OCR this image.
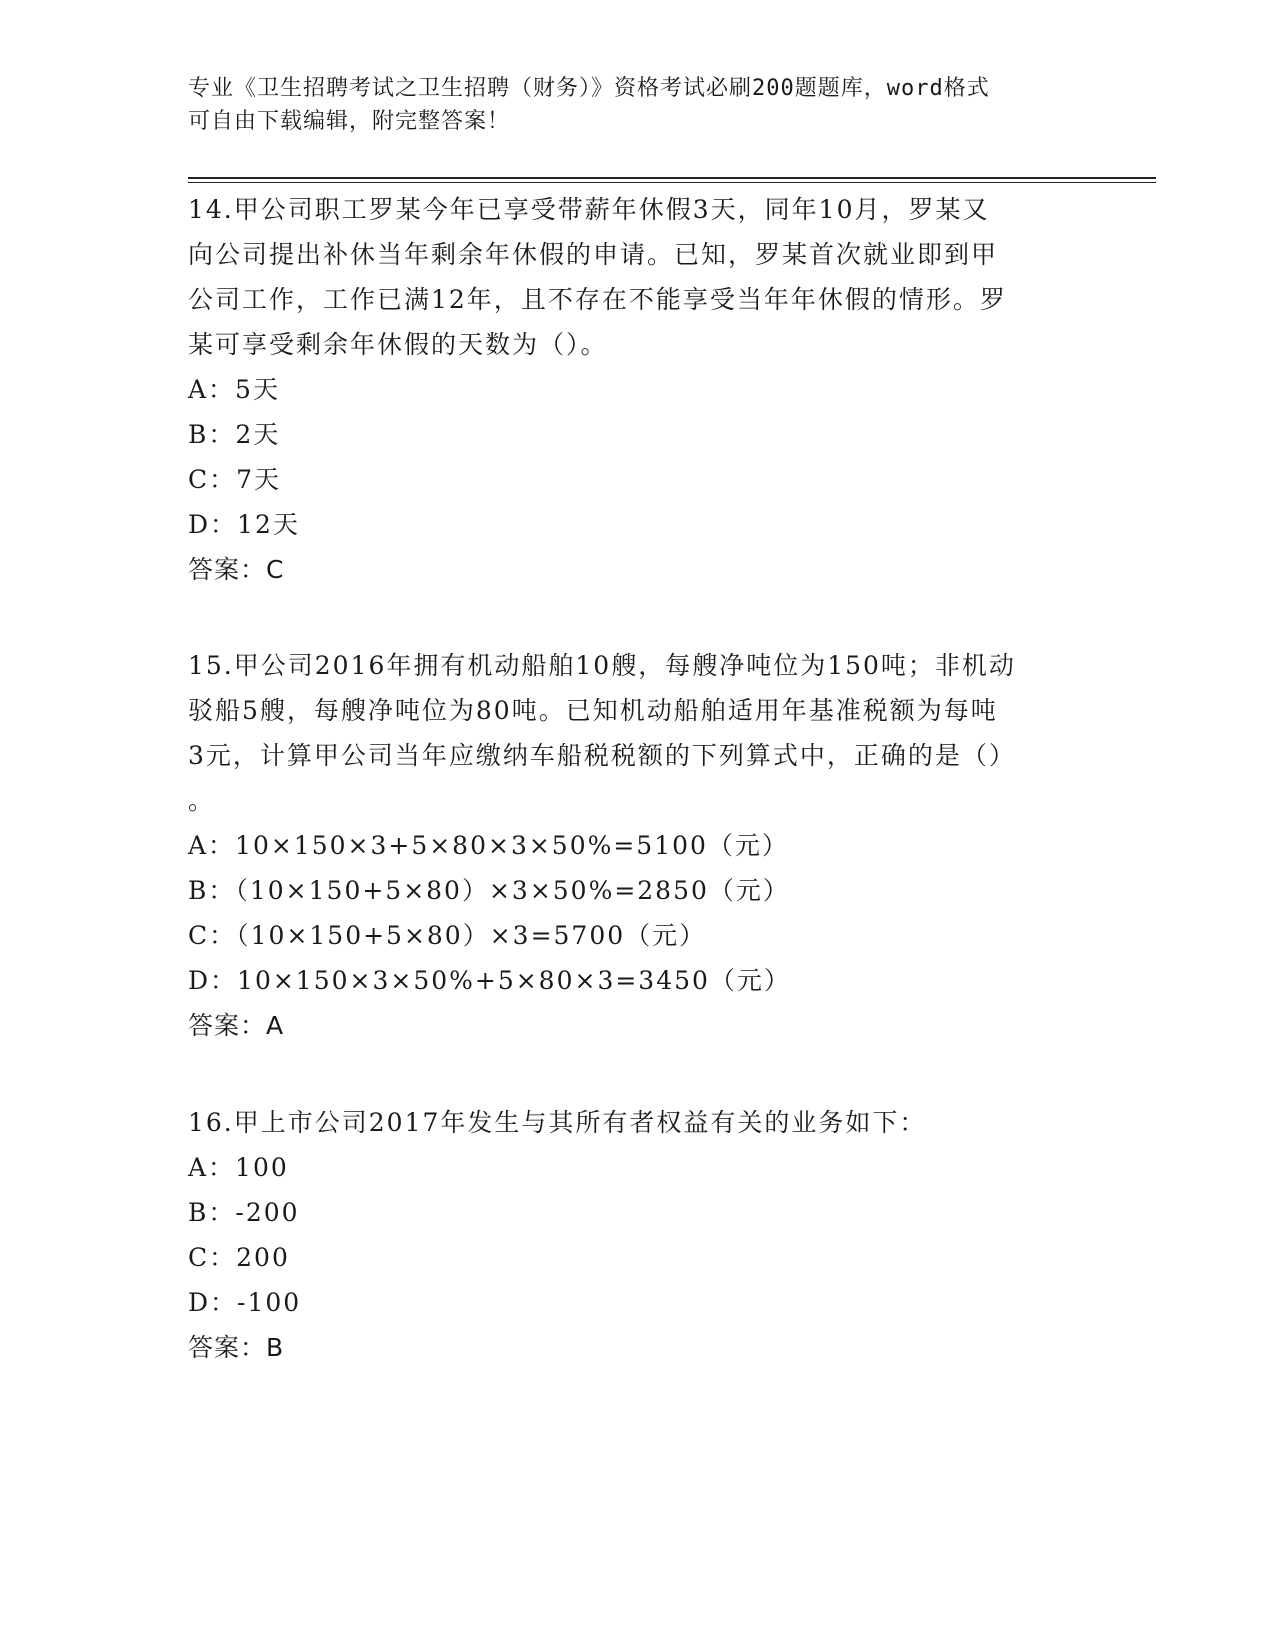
专业《卫生招聘考试之卫生招聘（财务）》资格考试必刷200题题库，word格式
可自由下载编辑，附完整答案！
14.甲公司职工罗某今年已享受带薪年休假3天，同年10月，罗某又
向公司提出补休当年剩余年休假的申请。已知，罗某首次就业即到甲
公司工作，工作已满12年，且不存在不能享受当年年休假的情形。罗
某可享受剩余年休假的天数为（）。
A：5天
B：2天
C：7天
D：12天
答案：C
15.甲公司2016年拥有机动船舶10艘，每艘净吨位为150吨；非机动
驳船5艘，每艘净吨位为80吨。已知机动船舶适用年基准税额为每吨
3元，计算甲公司当年应缴纳车船税税额的下列算式中，正确的是（）
。
A：10×150×3+5×80×3×50%=5100（元）
B：（10×150+5×80）×3×50%=2850（元）
C：（10×150+5×80）×3=5700（元）
D：10×150×3×50%+5×80×3=3450（元）
答案：A
16.甲上市公司2017年发生与其所有者权益有关的业务如下：
A：100
B：-200
C：200
D：-100
答案：B
